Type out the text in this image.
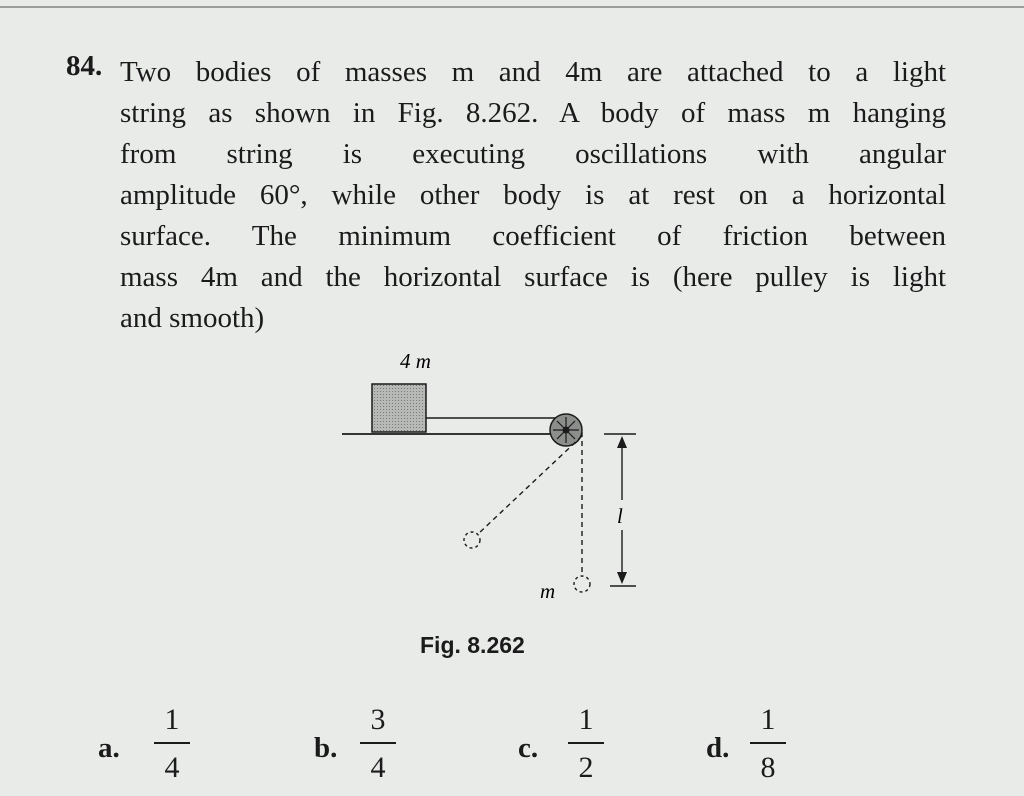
84. Two bodies of masses m and 4m are attached to a light
string as shown in Fig. 8.262. A body of mass m hanging
from string is executing oscillations with angular
amplitude 60°, while other body is at rest on a horizontal
surface. The minimum coefficient of friction between
mass 4m and the horizontal surface is (here pulley is light
and smooth)
4 m
m
l
Fig. 8.262
a.
1
4
b.
3
4
c.
1
2
d.
1
8
